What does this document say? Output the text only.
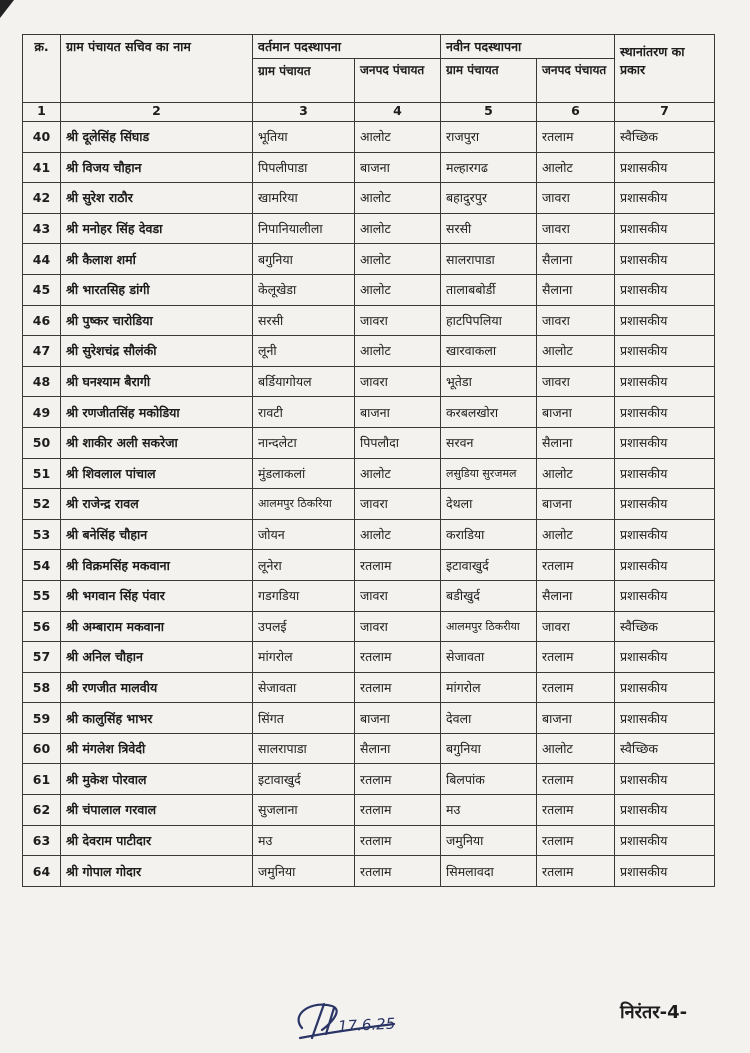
क्र.	ग्राम पंचायत सचिव का नाम	वर्तमान पदस्थापना		नवीन पदस्थापना		स्थानांतरण का प्रकार
		ग्राम पंचायत	जनपद पंचायत	ग्राम पंचायत	जनपद पंचायत	
1	2	3	4	5	6	7
40	श्री दूलेसिंह सिंघाड	भूतिया	आलोट	राजपुरा	रतलाम	स्वैच्छिक
41	श्री विजय चौहान	पिपलीपाडा	बाजना	मल्हारगढ	आलोट	प्रशासकीय
42	श्री सुरेश राठौर	खामरिया	आलोट	बहादुरपुर	जावरा	प्रशासकीय
43	श्री मनोहर सिंह देवडा	निपानियालीला	आलोट	सरसी	जावरा	प्रशासकीय
44	श्री कैलाश शर्मा	बगुनिया	आलोट	सालरापाडा	सैलाना	प्रशासकीय
45	श्री भारतसिह डांगी	केलूखेडा	आलोट	तालाबबोर्डी	सैलाना	प्रशासकीय
46	श्री पुष्कर चारोडिया	सरसी	जावरा	हाटपिपलिया	जावरा	प्रशासकीय
47	श्री सुरेशचंद्र सौलंकी	लूनी	आलोट	खारवाकला	आलोट	प्रशासकीय
48	श्री घनश्याम बैरागी	बर्डियागोयल	जावरा	भूतेडा	जावरा	प्रशासकीय
49	श्री रणजीतसिंह मकोडिया	रावटी	बाजना	करबलखोरा	बाजना	प्रशासकीय
50	श्री शाकीर अली सकरेजा	नान्दलेटा	पिपलौदा	सरवन	सैलाना	प्रशासकीय
51	श्री शिवलाल पांचाल	मुंडलाकलां	आलोट	लसुडिया सुरजमल	आलोट	प्रशासकीय
52	श्री राजेन्द्र रावल	आलमपुर ठिकरिया	जावरा	देथला	बाजना	प्रशासकीय
53	श्री बनेसिंह चौहान	जोयन	आलोट	कराडिया	आलोट	प्रशासकीय
54	श्री विक्रमसिंह मकवाना	लूनेरा	रतलाम	इटावाखुर्द	रतलाम	प्रशासकीय
55	श्री भगवान सिंह पंवार	गडगडिया	जावरा	बडीखुर्द	सैलाना	प्रशासकीय
56	श्री अम्बाराम मकवाना	उपलई	जावरा	आलमपुर ठिकरीया	जावरा	स्वैच्छिक
57	श्री अनिल चौहान	मांगरोल	रतलाम	सेजावता	रतलाम	प्रशासकीय
58	श्री रणजीत मालवीय	सेजावता	रतलाम	मांगरोल	रतलाम	प्रशासकीय
59	श्री कालुसिंह भाभर	सिंगत	बाजना	देवला	बाजना	प्रशासकीय
60	श्री मंगलेश त्रिवेदी	सालरापाडा	सैलाना	बगुनिया	आलोट	स्वैच्छिक
61	श्री मुकेश पोरवाल	इटावाखुर्द	रतलाम	बिलपांक	रतलाम	प्रशासकीय
62	श्री चंपालाल गरवाल	सुजलाना	रतलाम	मउ	रतलाम	प्रशासकीय
63	श्री देवराम पाटीदार	मउ	रतलाम	जमुनिया	रतलाम	प्रशासकीय
64	श्री गोपाल गोदार	जमुनिया	रतलाम	सिमलावदा	रतलाम	प्रशासकीय
17.6.25
निरंतर-4-
